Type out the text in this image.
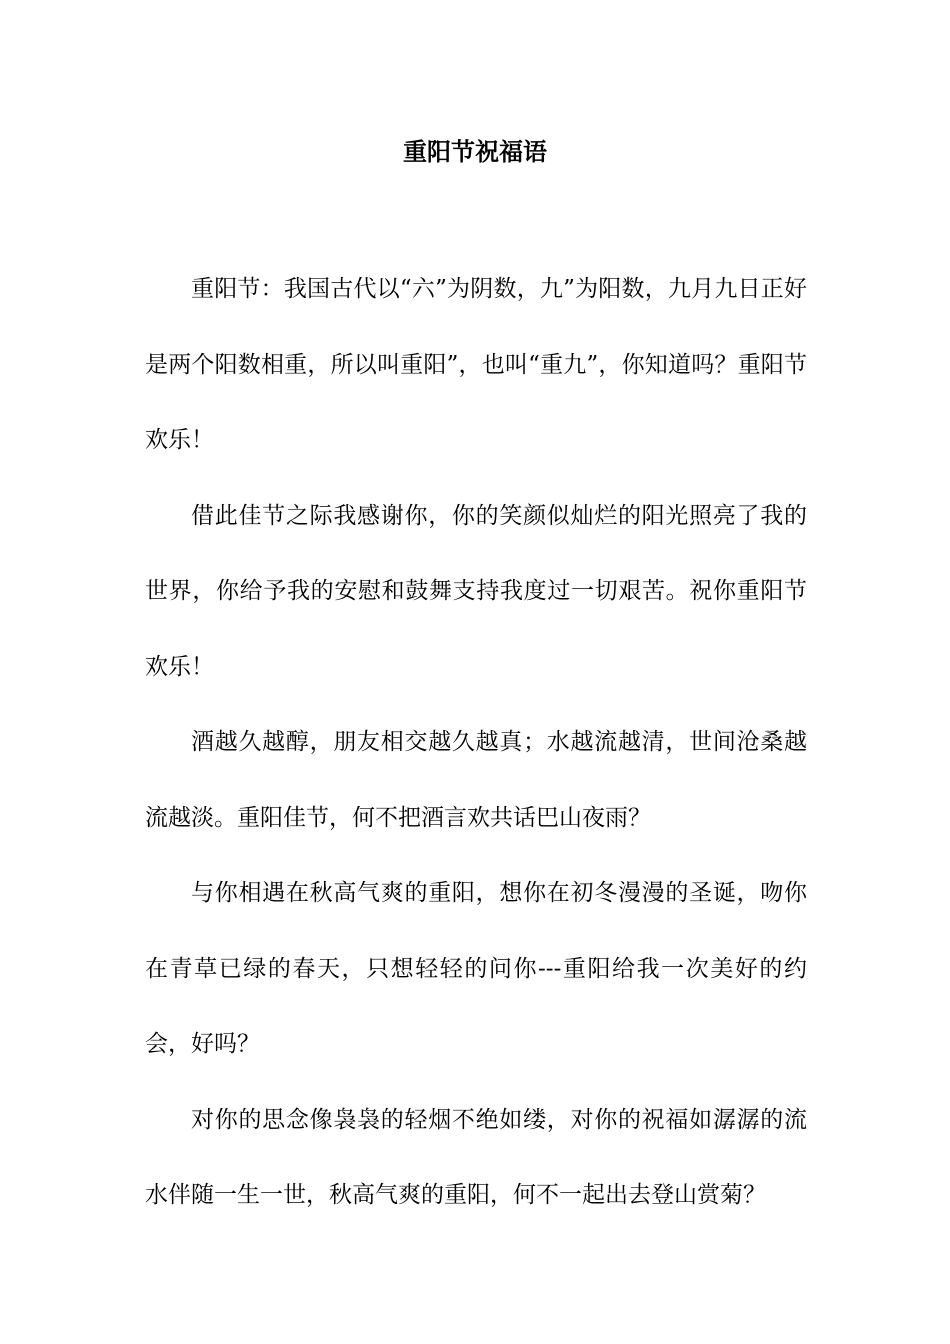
重阳节祝福语

重阳节：我国古代以“六”为阴数，九”为阳数，九月九日正好是两个阳数相重，所以叫重阳”，也叫“重九”，你知道吗？重阳节欢乐！

借此佳节之际我感谢你，你的笑颜似灿烂的阳光照亮了我的世界，你给予我的安慰和鼓舞支持我度过一切艰苦。祝你重阳节欢乐！

酒越久越醇，朋友相交越久越真；水越流越清，世间沧桑越流越淡。重阳佳节，何不把酒言欢共话巴山夜雨？

与你相遇在秋高气爽的重阳，想你在初冬漫漫的圣诞，吻你在青草已绿的春天，只想轻轻的问你---重阳给我一次美好的约会，好吗？

对你的思念像袅袅的轻烟不绝如缕，对你的祝福如潺潺的流水伴随一生一世，秋高气爽的重阳，何不一起出去登山赏菊？
